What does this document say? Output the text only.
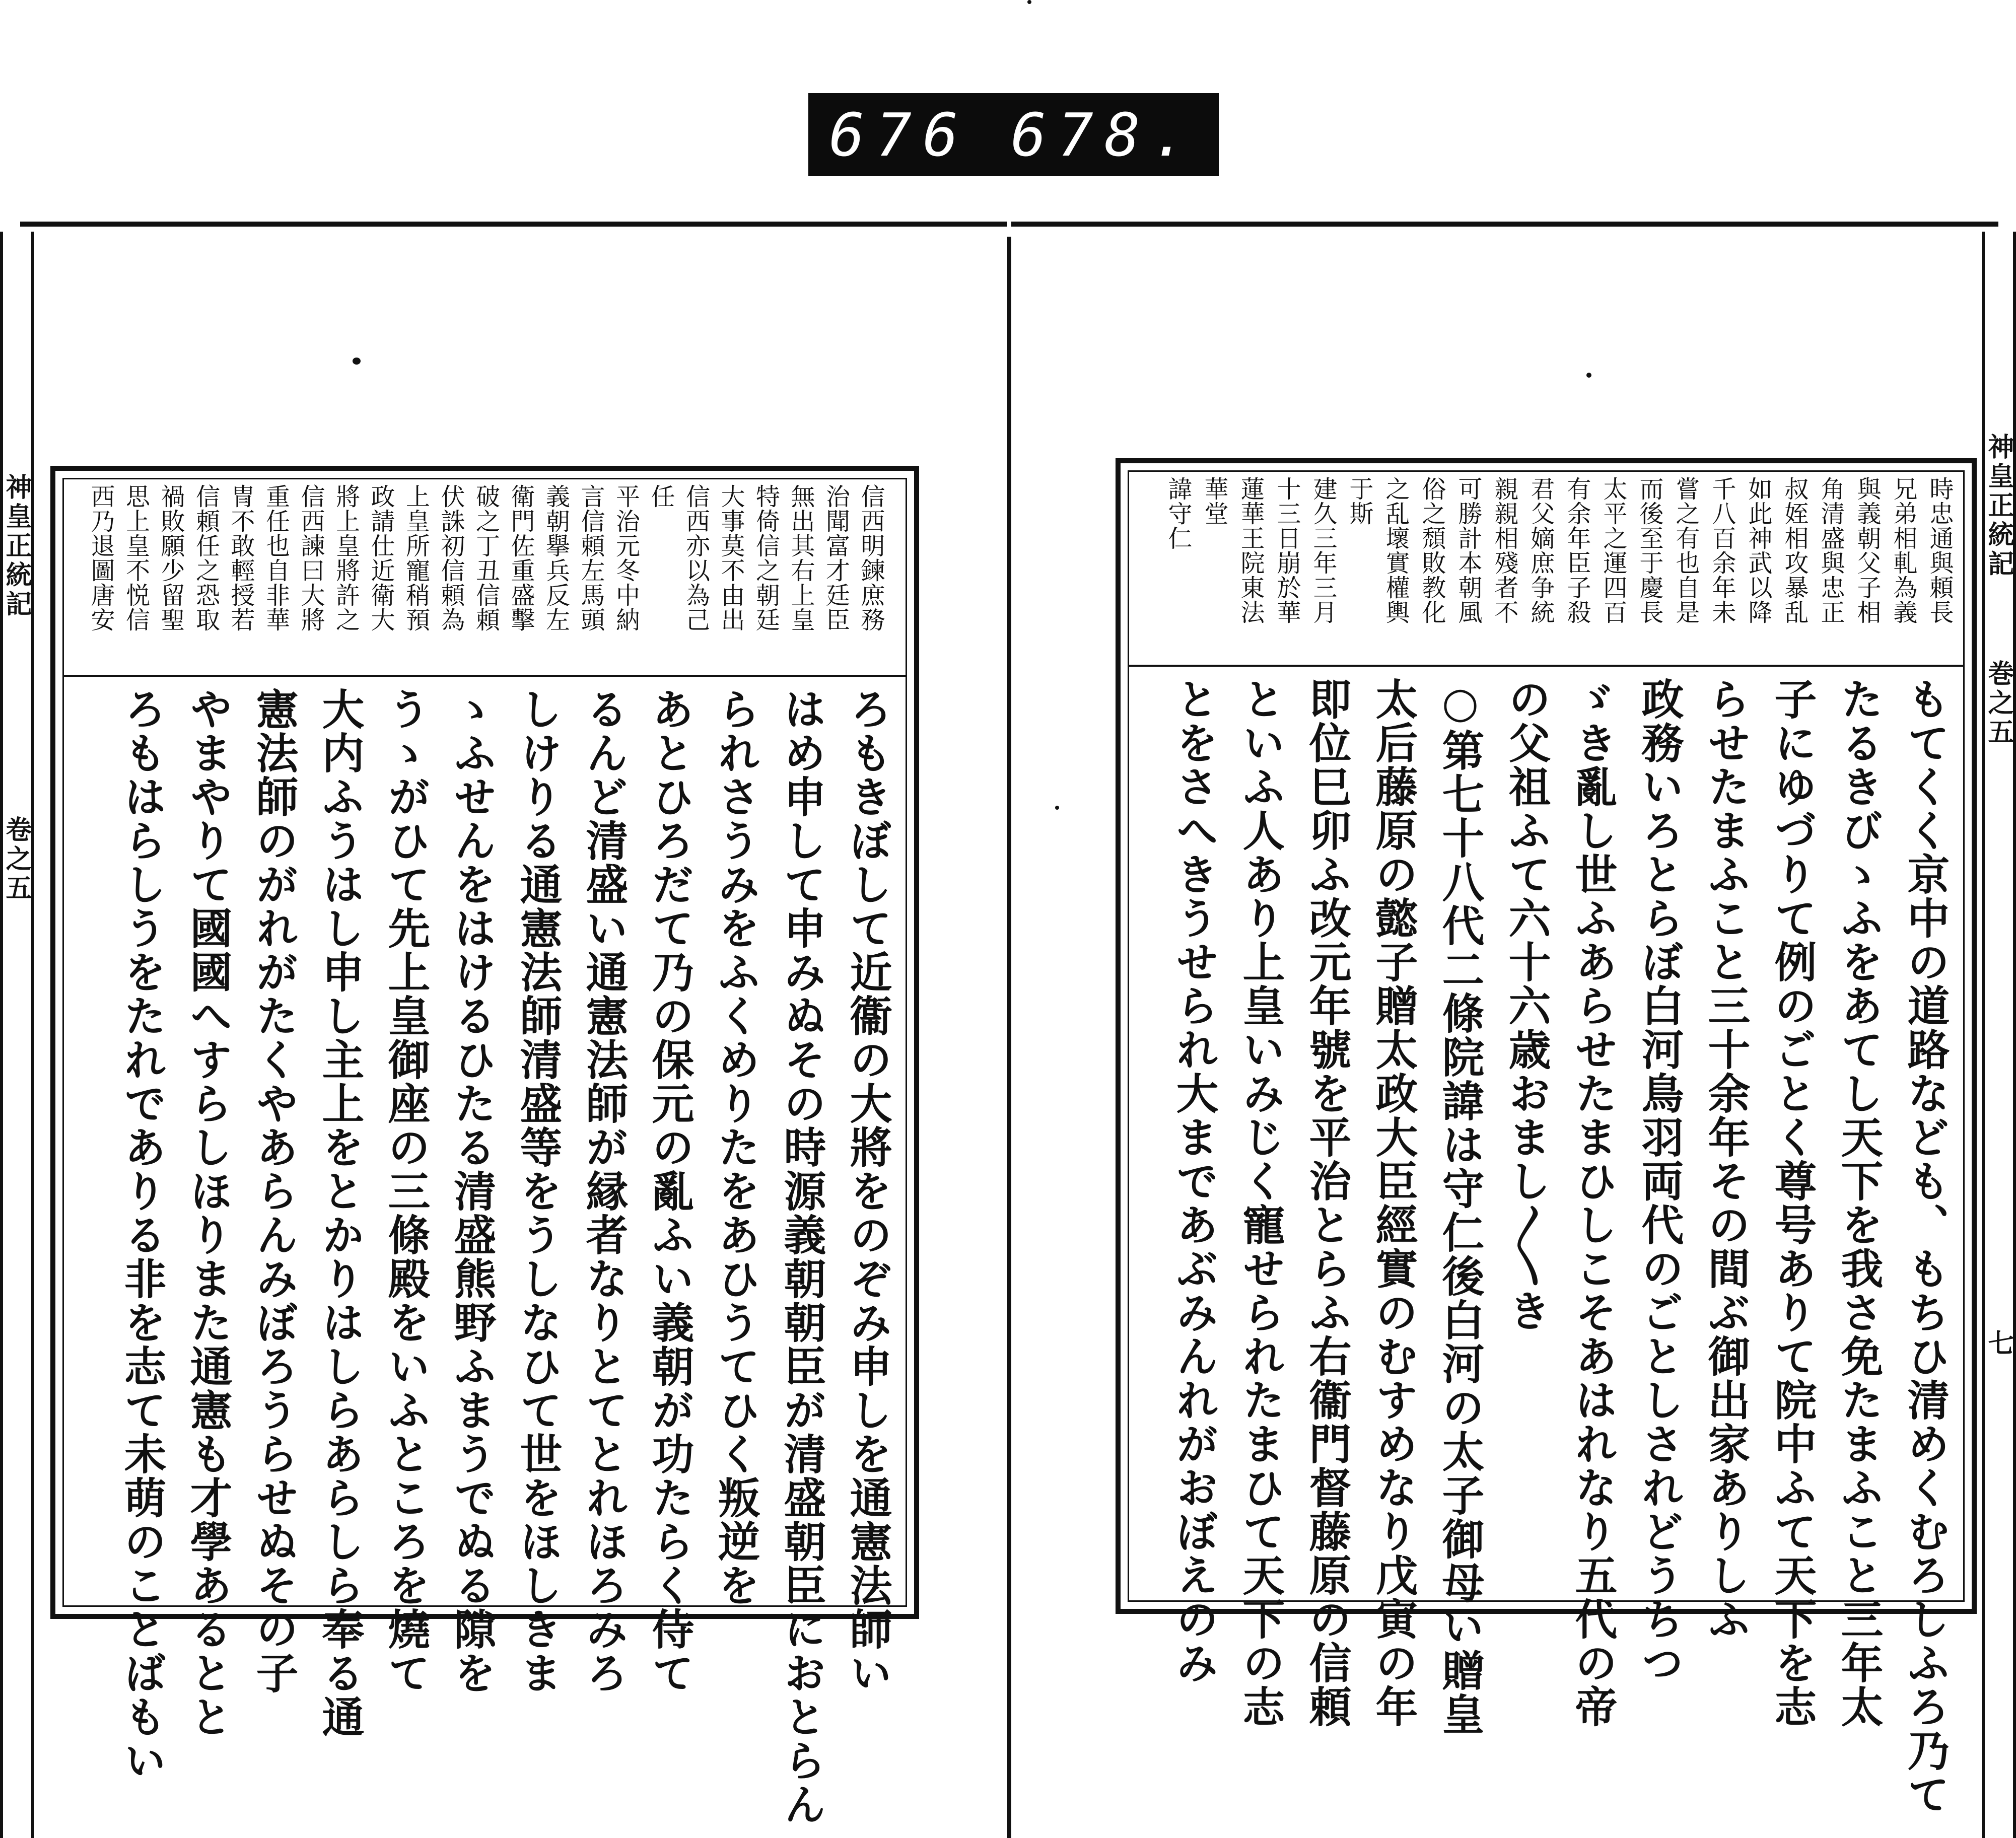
676 678.
神皇正統記
卷之五
神皇正統記
巻之五
七
信西明鍊庶務
治聞富才廷臣
無出其右上皇
特倚信之朝廷
大事莫不由出
信西亦以為己
任
平治元冬中納
言信頼左馬頭
義朝擧兵反左
衛門佐重盛擊
破之丁丑信頼
伏誅初信頼為
上皇所寵稍預
政請仕近衛大
將上皇將許之
信西諫曰大將
重任也自非華
冑不敢輕授若
信頼任之恐取
禍敗願少留聖
思上皇不悦信
西乃退圖唐安
ろもきぼして近衞の大將をのぞみ申しを通憲法師い
はめ申して申みぬその時源義朝朝臣が清盛朝臣におとらん
られさうみをふくめりたをあひうてひく叛逆を
あとひろだて乃の保元の亂ふい義朝が功たらく侍て
るんど清盛い通憲法師が縁者なりとてとれほろみろ
しけりる通憲法師清盛等をうしなひて世をほしきま
ゝふせんをはけるひたる清盛熊野ふまうでぬる隙を
うゝがひて先上皇御座の三條殿をいふところを燒て
大内ふうはし申し主上をとかりはしらあらしら奉る通
憲法師のがれがたくやあらんみぼろうらせぬその子
やまやりて國國へすらしほりまた通憲も才學あるとと
ろもはらしうをたれでありる非を志て未萌のことばもい
時忠通與頼長
兄弟相軋為義
與義朝父子相
角清盛與忠正
叔姪相攻暴乱
如此神武以降
千八百余年未
嘗之有也自是
而後至于慶長
太平之運四百
有余年臣子殺
君父嫡庶争統
親親相殘者不
可勝計本朝風
俗之頹敗教化
之乱壞實權輿
于斯
建久三年三月
十三日崩於華
蓮華王院東法
華堂
諱守仁
もてくく京中の道路なども、もちひ清めくむろしふろ乃て
たるきびゝふをあてし天下を我さ免たまふこと三年太
子にゆづりて例のごとく尊号ありて院中ふて天下を志
らせたまふこと三十余年その間ぶ御出家ありしふ
政務いろとらぼ白河鳥羽両代のごとしされどうちつ
ゞき亂し世ふあらせたまひしこそあはれなり五代の帝
の父祖ふて六十六歳おまし〳〵き
○第七十八代二條院諱は守仁後白河の太子御母い贈皇
太后藤原の懿子贈太政大臣經實のむすめなり戊寅の年
即位巳卯ふ改元年號を平治とらふ右衞門督藤原の信頼
といふ人あり上皇いみじく寵せられたまひて天下の志
とをさへきうせられ大まであぶみんれがおぼえのみ
